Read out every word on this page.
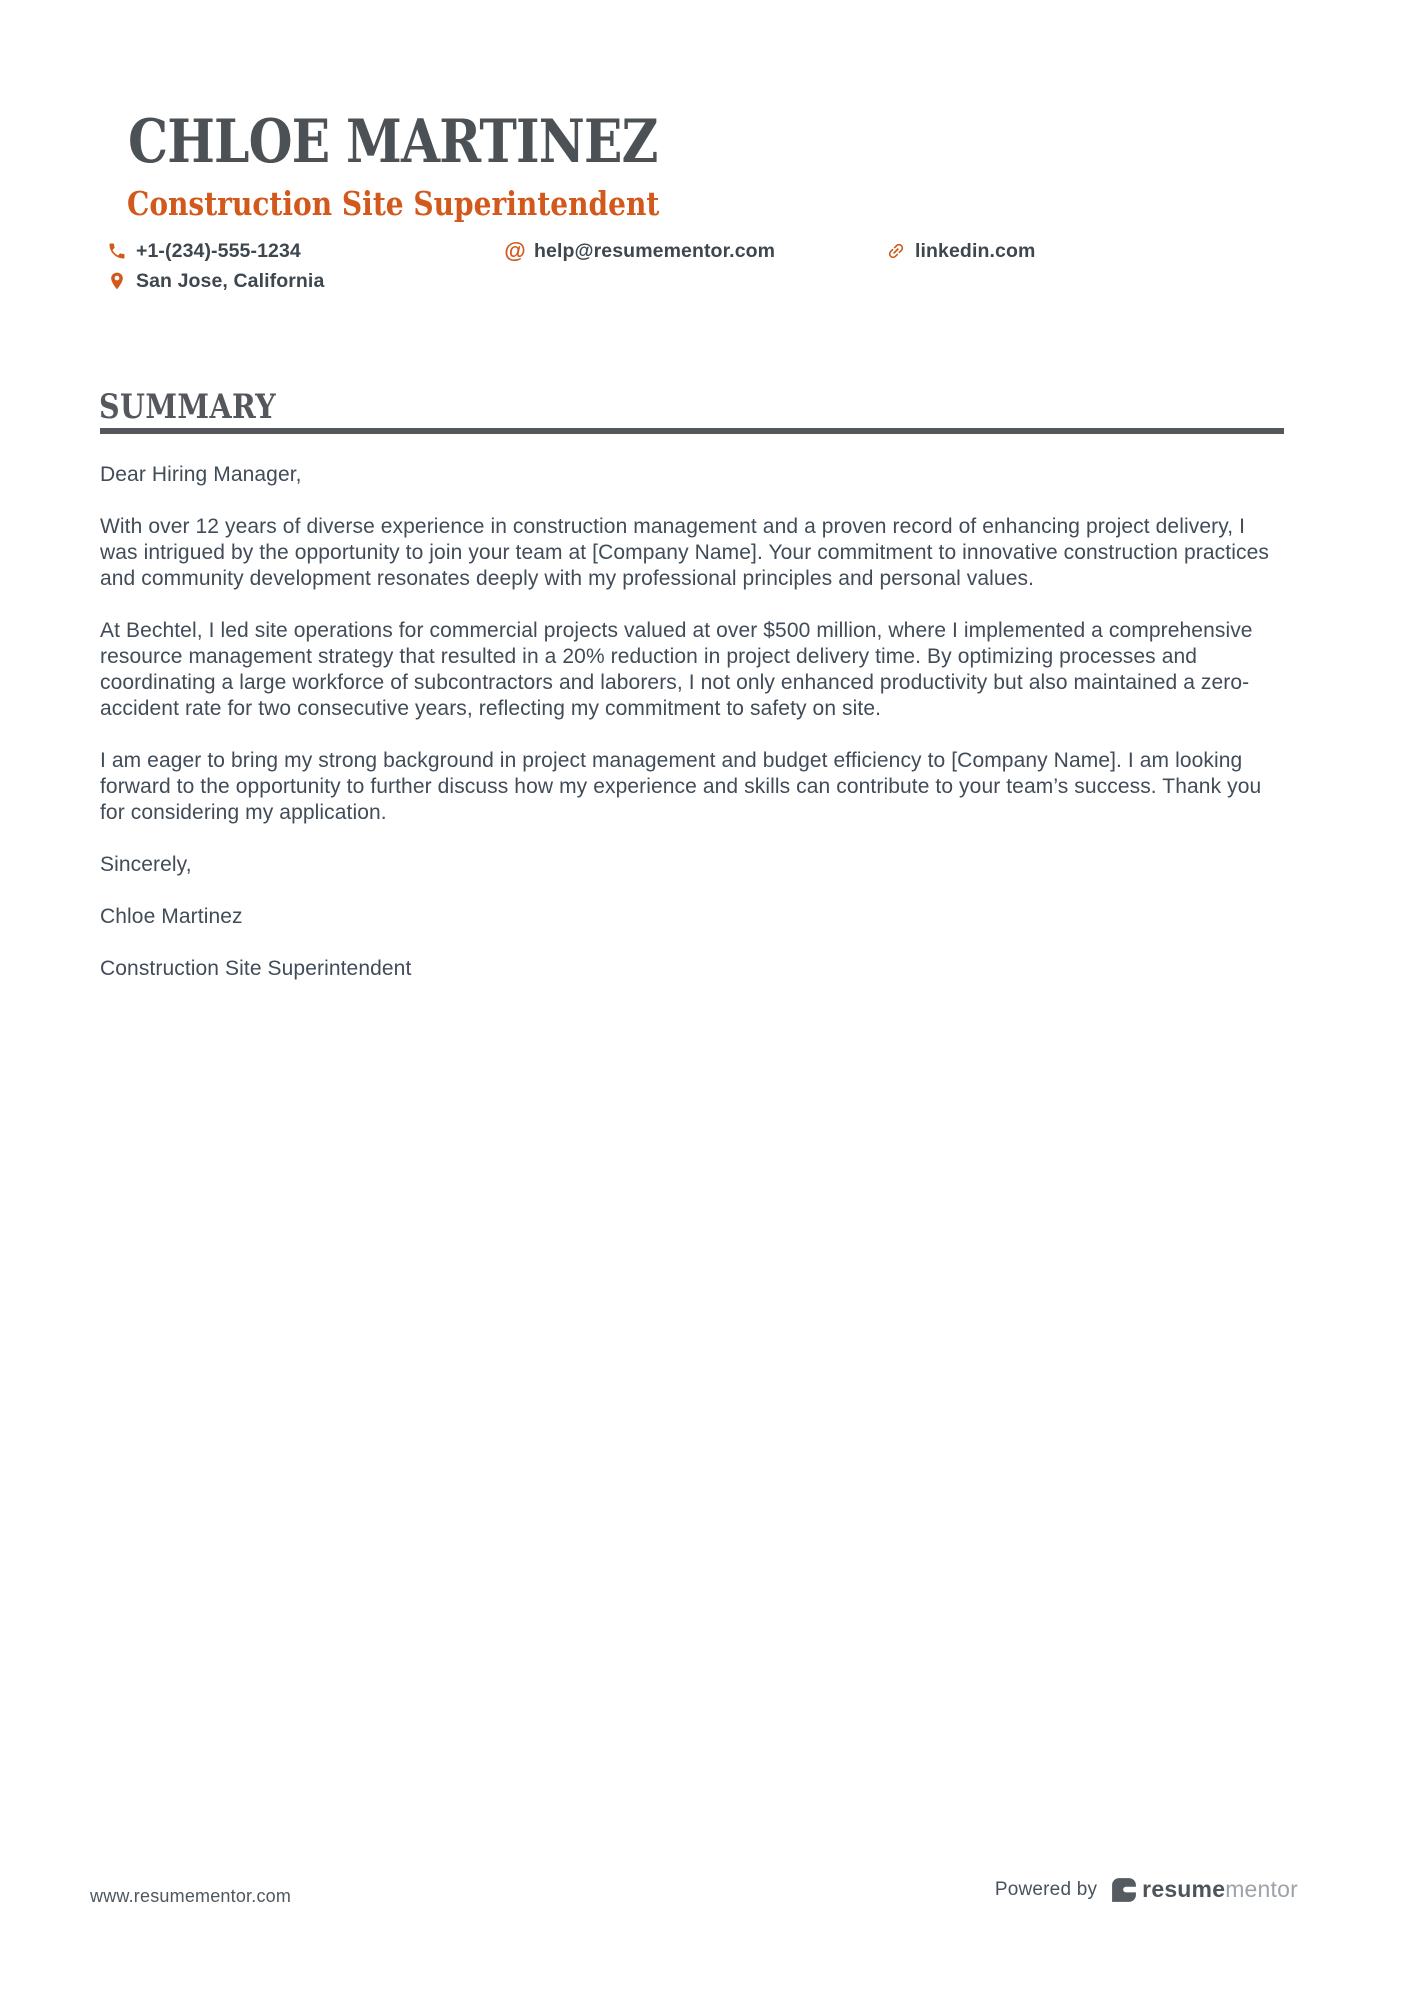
CHLOE MARTINEZ
Construction Site Superintendent
+1-(234)-555-1234	@ help@resumementor.com	linkedin.com
San Jose, California
SUMMARY

Dear Hiring Manager,

With over 12 years of diverse experience in construction management and a proven record of enhancing project delivery, I was intrigued by the opportunity to join your team at [Company Name]. Your commitment to innovative construction practices and community development resonates deeply with my professional principles and personal values.

At Bechtel, I led site operations for commercial projects valued at over $500 million, where I implemented a comprehensive resource management strategy that resulted in a 20% reduction in project delivery time. By optimizing processes and coordinating a large workforce of subcontractors and laborers, I not only enhanced productivity but also maintained a zero-accident rate for two consecutive years, reflecting my commitment to safety on site.

I am eager to bring my strong background in project management and budget efficiency to [Company Name]. I am looking forward to the opportunity to further discuss how my experience and skills can contribute to your team’s success. Thank you for considering my application.

Sincerely,

Chloe Martinez

Construction Site Superintendent

www.resumementor.com	Powered by resumementor
